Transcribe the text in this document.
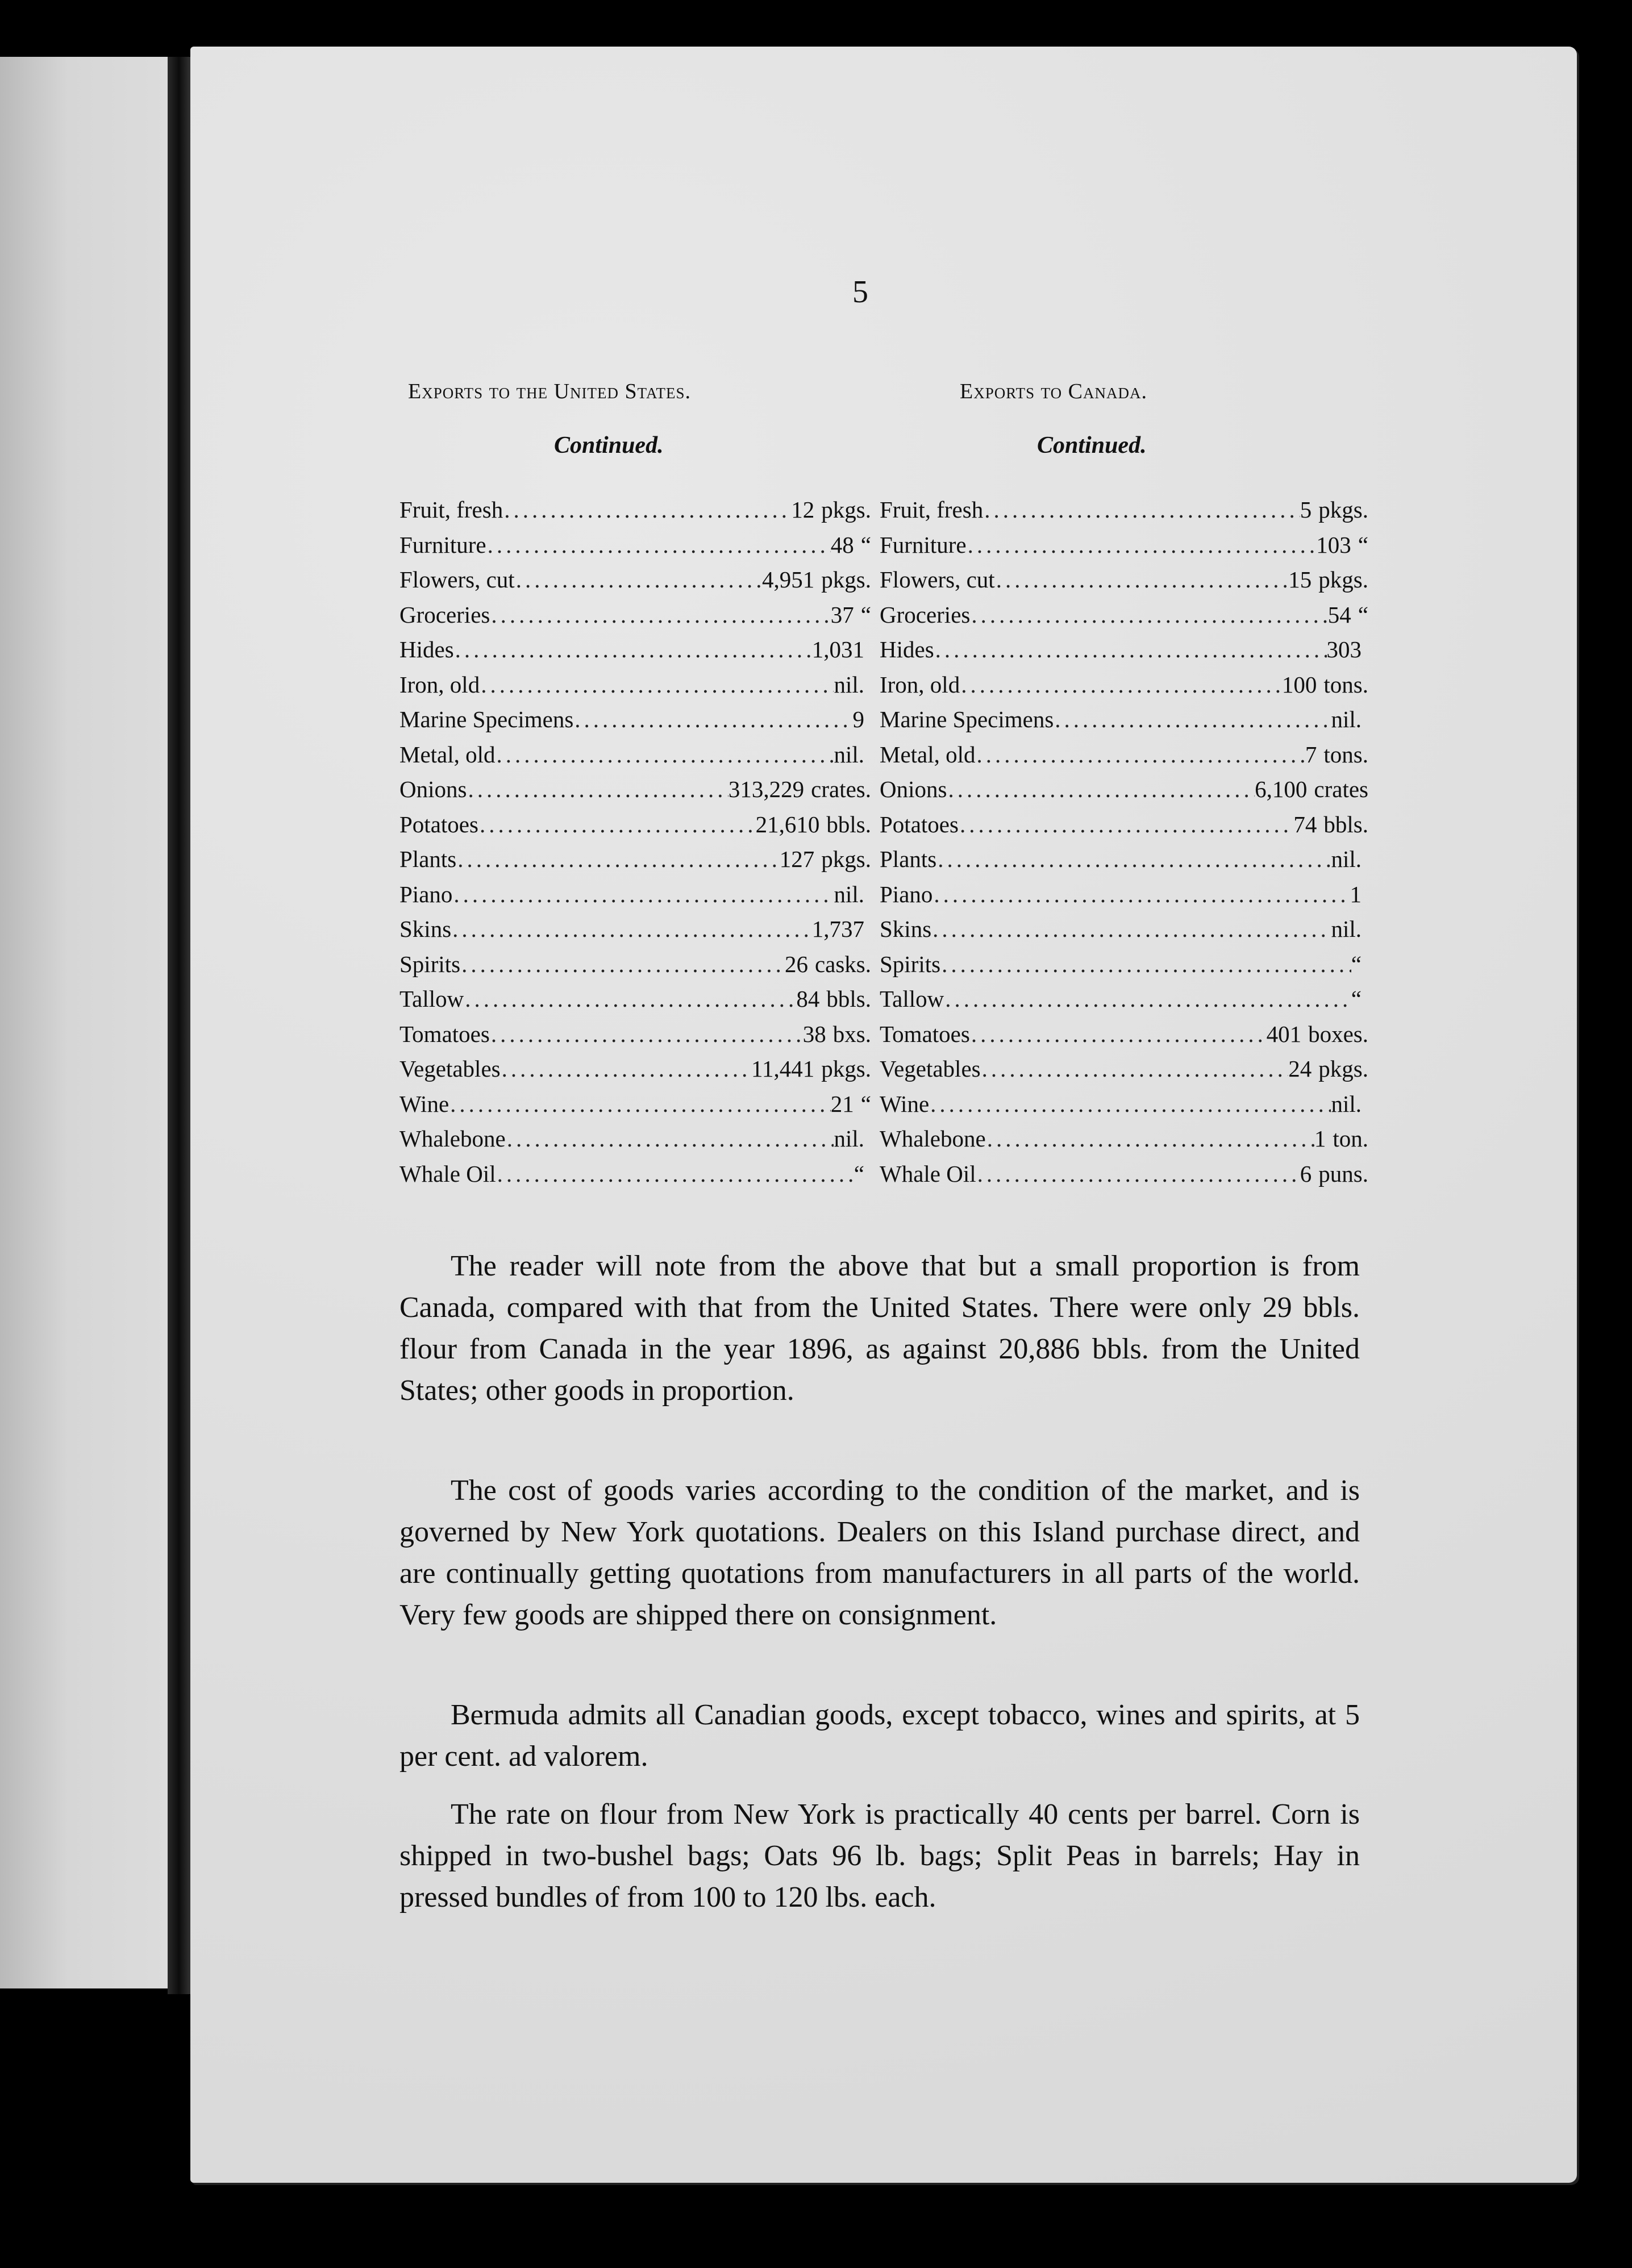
5
Exports to the United States.	Exports to Canada.
Continued.	Continued.
Fruit, fresh .....	12 pkgs.
Furniture .....	48 “
Flowers, cut .....	4,951 pkgs.
Groceries .....	37 “
Hides .....	1,031
Iron, old .....	nil.
Marine Specimens .....	9
Metal, old .....	nil.
Onions .....	313,229 crates.
Potatoes .....	21,610 bbls.
Plants .....	127 pkgs.
Piano .....	nil.
Skins .....	1,737
Spirits .....	26 casks.
Tallow .....	84 bbls.
Tomatoes .....	38 bxs.
Vegetables .....	11,441 pkgs.
Wine .....	21 “
Whalebone .....	nil.
Whale Oil .....	“
Fruit, fresh .....	5 pkgs.
Furniture .....	103 “
Flowers, cut .....	15 pkgs.
Groceries .....	54 “
Hides .....	303
Iron, old .....	100 tons.
Marine Specimens .....	nil.
Metal, old .....	7 tons.
Onions .....	6,100 crates
Potatoes .....	74 bbls.
Plants .....	nil.
Piano .....	1
Skins .....	nil.
Spirits .....	“
Tallow .....	“
Tomatoes .....	401 boxes.
Vegetables .....	24 pkgs.
Wine .....	nil.
Whalebone .....	1 ton.
Whale Oil .....	6 puns.

The reader will note from the above that but a small proportion is from Canada, compared with that from the United States. There were only 29 bbls. flour from Canada in the year 1896, as against 20,886 bbls. from the United States; other goods in proportion.

The cost of goods varies according to the condition of the market, and is governed by New York quotations. Dealers on this Island purchase direct, and are continually getting quotations from manufacturers in all parts of the world. Very few goods are shipped there on consignment.

Bermuda admits all Canadian goods, except tobacco, wines and spirits, at 5 per cent. ad valorem.

The rate on flour from New York is practically 40 cents per barrel. Corn is shipped in two-bushel bags; Oats 96 lb. bags; Split Peas in barrels; Hay in pressed bundles of from 100 to 120 lbs. each.
